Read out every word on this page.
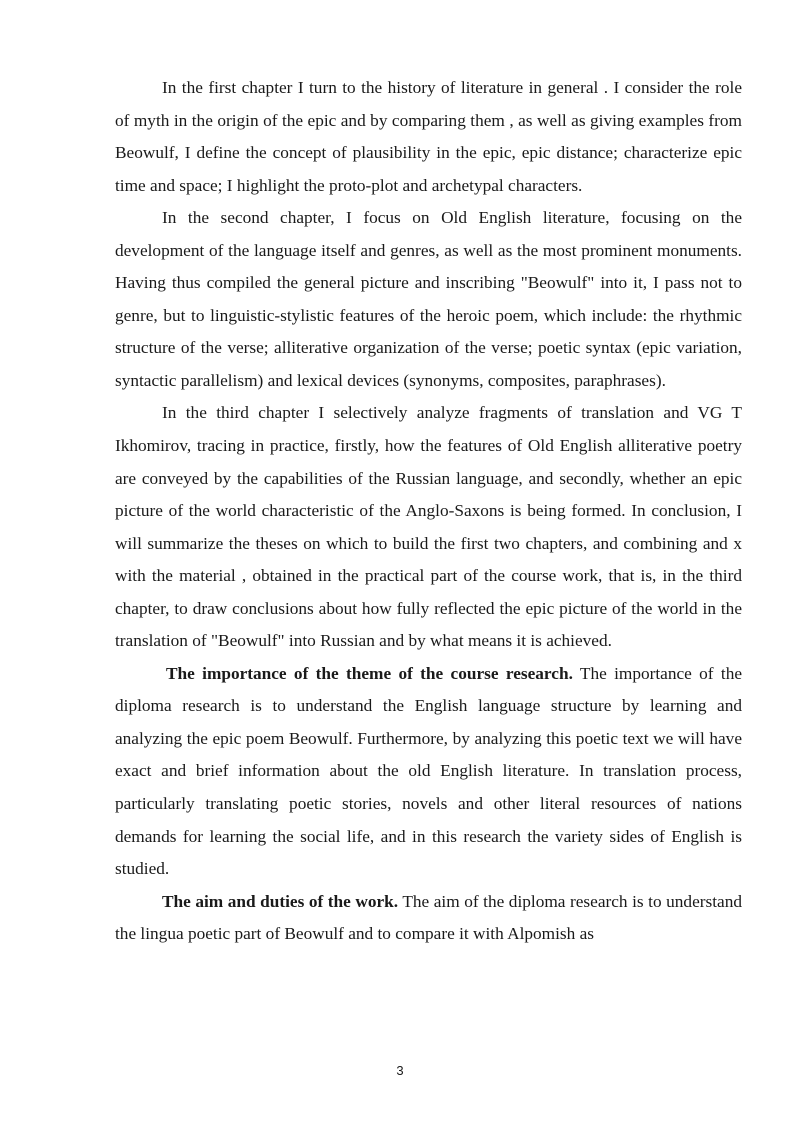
In the first chapter I turn to the history of literature in general . I consider the role of myth in the origin of the epic and by comparing them , as well as giving examples from Beowulf, I define the concept of plausibility in the epic, epic distance; characterize epic time and space; I highlight the proto-plot and archetypal characters.

In the second chapter, I focus on Old English literature, focusing on the development of the language itself and genres, as well as the most prominent monuments. Having thus compiled the general picture and inscribing "Beowulf" into it, I pass not to genre, but to linguistic-stylistic features of the heroic poem, which include: the rhythmic structure of the verse; alliterative organization of the verse; poetic syntax (epic variation, syntactic parallelism) and lexical devices (synonyms, composites, paraphrases).

In the third chapter I selectively analyze fragments of translation and VG T Ikhomirov, tracing in practice, firstly, how the features of Old English alliterative poetry are conveyed by the capabilities of the Russian language, and secondly, whether an epic picture of the world characteristic of the Anglo-Saxons is being formed. In conclusion, I will summarize the theses on which to build the first two chapters, and combining and x with the material , obtained in the practical part of the course work, that is, in the third chapter, to draw conclusions about how fully reflected the epic picture of the world in the translation of "Beowulf" into Russian and by what means it is achieved.

The importance of the theme of the course research. The importance of the diploma research is to understand the English language structure by learning and analyzing the epic poem Beowulf. Furthermore, by analyzing this poetic text we will have exact and brief information about the old English literature. In translation process, particularly translating poetic stories, novels and other literal resources of nations demands for learning the social life, and in this research the variety sides of English is studied.

The aim and duties of the work. The aim of the diploma research is to understand the lingua poetic part of Beowulf and to compare it with Alpomish as

3
